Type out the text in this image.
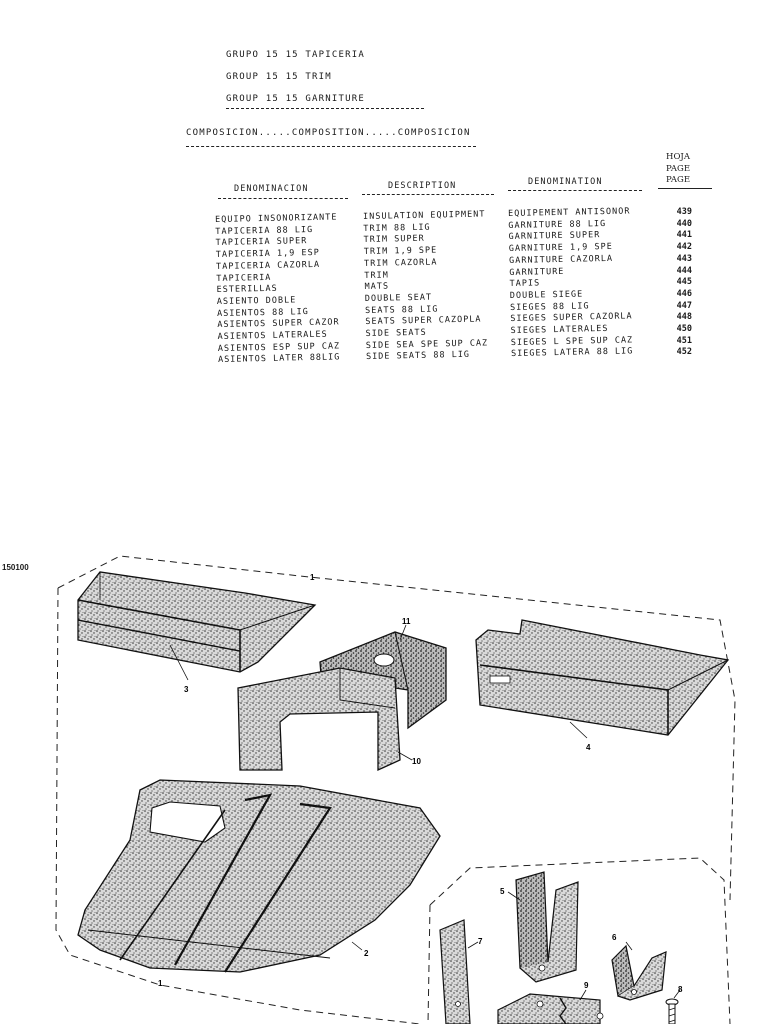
GRUPO 15 15 TAPICERIA
GROUP 15 15 TRIM
GROUP 15 15 GARNITURE
COMPOSICION.....COMPOSITION.....COMPOSICION
DENOMINACION	DESCRIPTION	DENOMINATION
HOJA
PAGE
PAGE
EQUIPO INSONORIZANTE
TAPICERIA 88 LIG
TAPICERIA SUPER
TAPICERIA 1,9 ESP
TAPICERIA CAZORLA
TAPICERIA
ESTERILLAS
ASIENTO DOBLE
ASIENTOS 88 LIG
ASIENTOS SUPER CAZOR
ASIENTOS LATERALES
ASIENTOS ESP SUP CAZ
ASIENTOS LATER 88LIG
INSULATION EQUIPMENT
TRIM 88 LIG
TRIM SUPER
TRIM 1,9 SPE
TRIM CAZORLA
TRIM
MATS
DOUBLE SEAT
SEATS 88 LIG
SEATS SUPER CAZOPLA
SIDE SEATS
SIDE SEA SPE SUP CAZ
SIDE SEATS 88 LIG
EQUIPEMENT ANTISONOR
GARNITURE 88 LIG
GARNITURE SUPER
GARNITURE 1,9 SPE
GARNITURE CAZORLA
GARNITURE
TAPIS
DOUBLE SIEGE
SIEGES 88 LIG
SIEGES SUPER CAZORLA
SIEGES LATERALES
SIEGES L SPE SUP CAZ
SIEGES LATERA 88 LIG
439
440
441
442
443
444
445
446
447
448
450
451
452
150100
1
2
3
4
5
6
7
8
9
10
11
1
